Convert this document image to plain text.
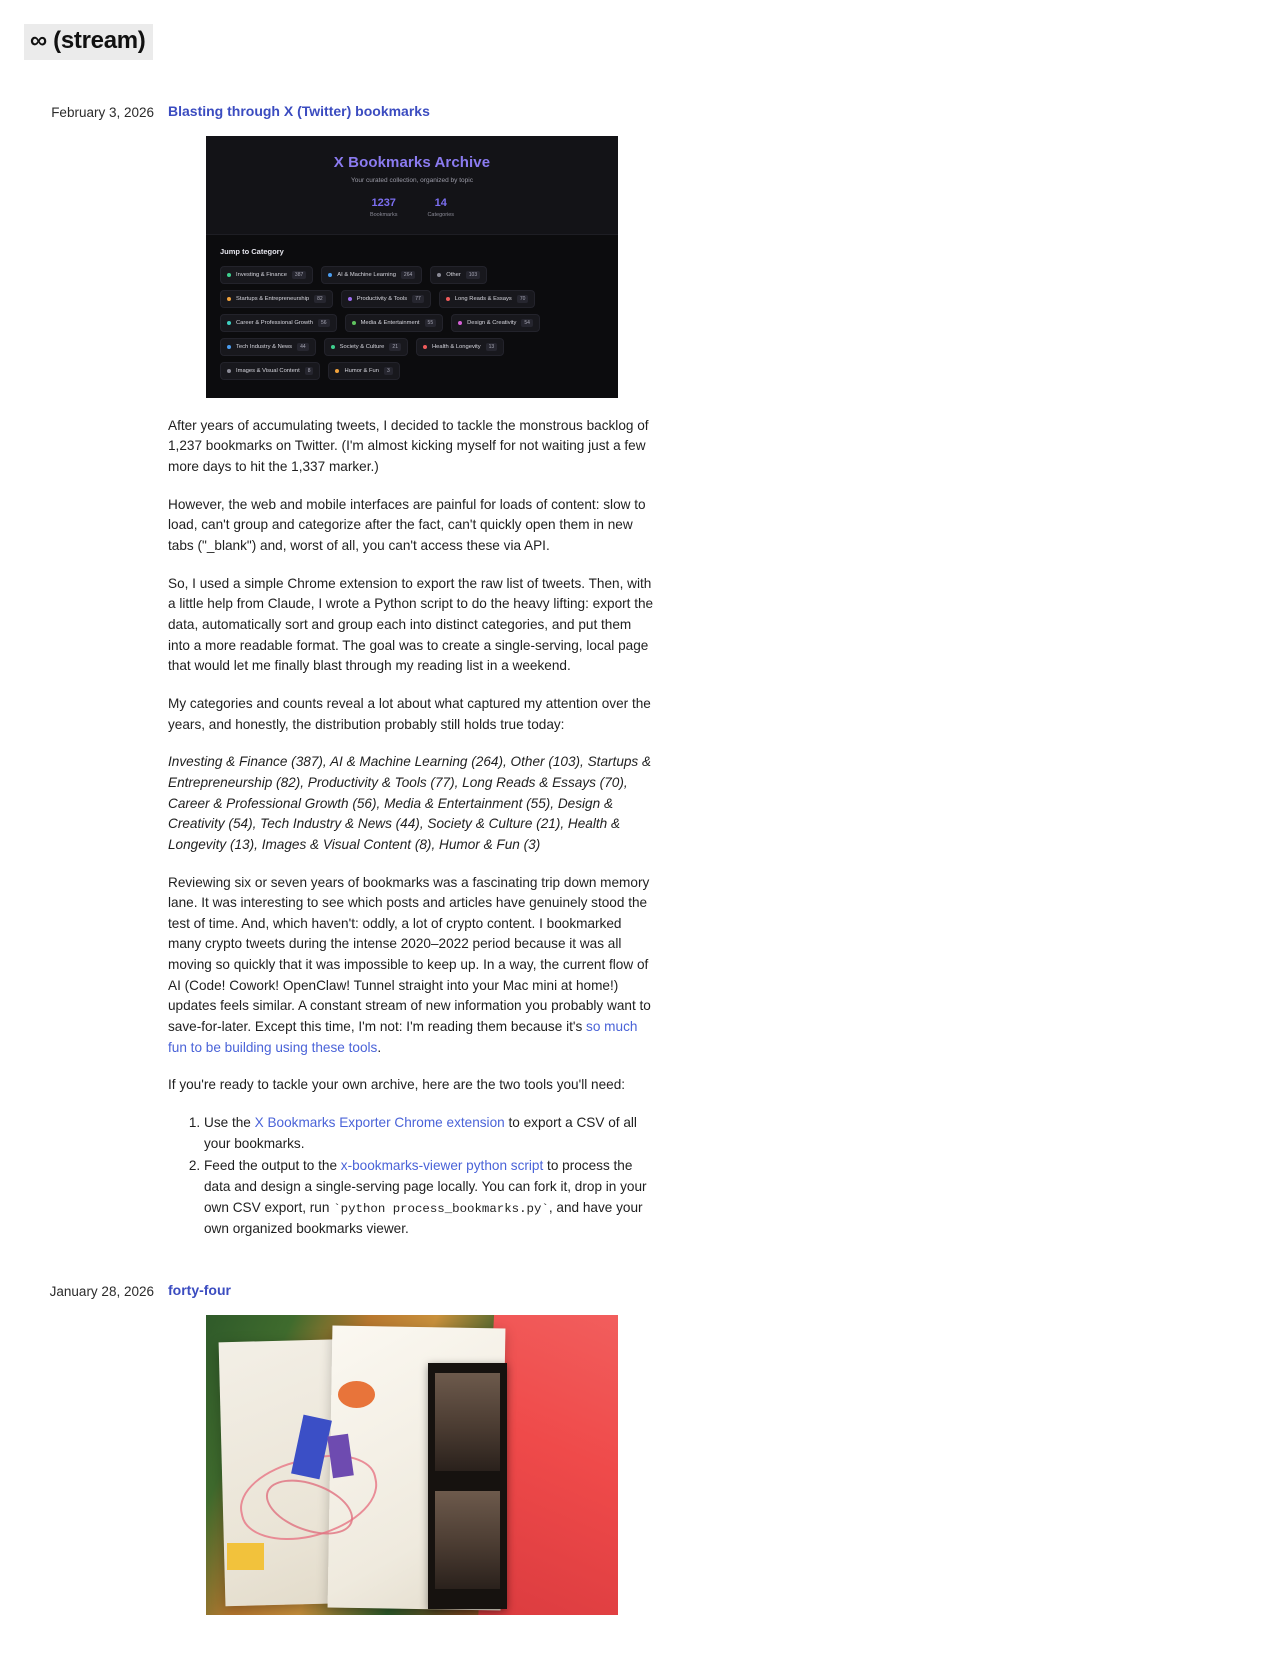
∞ (stream)
February 3, 2026	Blasting through X (Twitter) bookmarks
X Bookmarks Archive
Your curated collection, organized by topic
1237
Bookmarks
14
Categories
Jump to Category
Investing & Finance	387	AI & Machine Learning	264	Other	103
Startups & Entrepreneurship	82	Productivity & Tools	77	Long Reads & Essays	70
Career & Professional Growth	56	Media & Entertainment	55	Design & Creativity	54
Tech Industry & News	44	Society & Culture	21	Health & Longevity	13
Images & Visual Content	8	Humor & Fun	3

After years of accumulating tweets, I decided to tackle the monstrous backlog of 1,237 bookmarks on Twitter. (I'm almost kicking myself for not waiting just a few more days to hit the 1,337 marker.)

However, the web and mobile interfaces are painful for loads of content: slow to load, can't group and categorize after the fact, can't quickly open them in new tabs ("_blank") and, worst of all, you can't access these via API.

So, I used a simple Chrome extension to export the raw list of tweets. Then, with a little help from Claude, I wrote a Python script to do the heavy lifting: export the data, automatically sort and group each into distinct categories, and put them into a more readable format. The goal was to create a single-serving, local page that would let me finally blast through my reading list in a weekend.

My categories and counts reveal a lot about what captured my attention over the years, and honestly, the distribution probably still holds true today:

Investing & Finance (387), AI & Machine Learning (264), Other (103), Startups & Entrepreneurship (82), Productivity & Tools (77), Long Reads & Essays (70), Career & Professional Growth (56), Media & Entertainment (55), Design & Creativity (54), Tech Industry & News (44), Society & Culture (21), Health & Longevity (13), Images & Visual Content (8), Humor & Fun (3)

Reviewing six or seven years of bookmarks was a fascinating trip down memory lane. It was interesting to see which posts and articles have genuinely stood the test of time. And, which haven't: oddly, a lot of crypto content. I bookmarked many crypto tweets during the intense 2020–2022 period because it was all moving so quickly that it was impossible to keep up. In a way, the current flow of AI (Code! Cowork! OpenClaw! Tunnel straight into your Mac mini at home!) updates feels similar. A constant stream of new information you probably want to save-for-later. Except this time, I'm not: I'm reading them because it's so much fun to be building using these tools.

If you're ready to tackle your own archive, here are the two tools you'll need:

1. Use the X Bookmarks Exporter Chrome extension to export a CSV of all your bookmarks.
2. Feed the output to the x-bookmarks-viewer python script to process the data and design a single-serving page locally. You can fork it, drop in your own CSV export, run `python process_bookmarks.py`, and have your own organized bookmarks viewer.
January 28, 2026	forty-four
